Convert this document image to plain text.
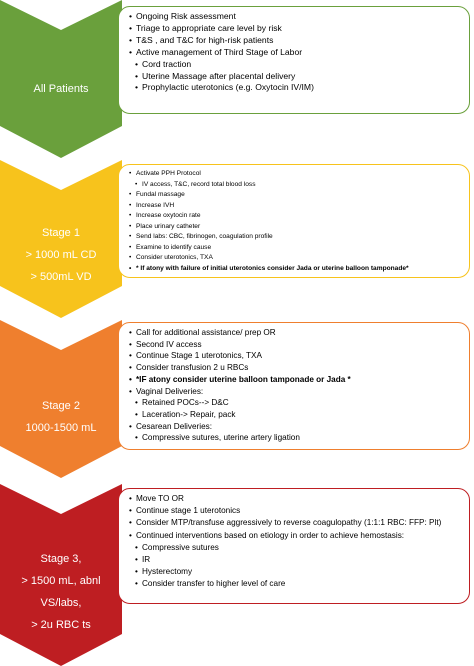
All Patients
• Ongoing Risk assessment
• Triage to appropriate care level by risk
• T&S , and T&C for high-risk patients
• Active management of Third Stage of Labor
• Cord traction
• Uterine Massage after placental delivery
• Prophylactic uterotonics (e.g. Oxytocin IV/IM)
Stage 1
> 1000 mL CD
> 500mL VD
• Activate PPH Protocol
• IV access, T&C, record total blood loss
• Fundal massage
• Increase IVH
• Increase oxytocin rate
• Place urinary catheter
• Send labs: CBC, fibrinogen, coagulation profile
• Examine to identify cause
• Consider uterotonics, TXA
• * If atony with failure of initial uterotonics consider Jada or uterine balloon tamponade*
Stage 2
1000-1500 mL
• Call for additional assistance/ prep OR
• Second IV access
• Continue Stage 1 uterotonics, TXA
• Consider transfusion 2 u RBCs
• *IF atony consider uterine balloon tamponade or Jada *
• Vaginal Deliveries:
• Retained POCs--> D&C
• Laceration-> Repair, pack
• Cesarean Deliveries:
• Compressive sutures, uterine artery ligation
Stage 3,
> 1500 mL, abnl VS/labs,
> 2u RBC ts
• Move TO OR
• Continue stage 1 uterotonics
• Consider MTP/transfuse aggressively to reverse coagulopathy (1:1:1 RBC: FFP: Plt)
• Continued interventions based on etiology in order to achieve hemostasis:
• Compressive sutures
• IR
• Hysterectomy
• Consider transfer to higher level of care
